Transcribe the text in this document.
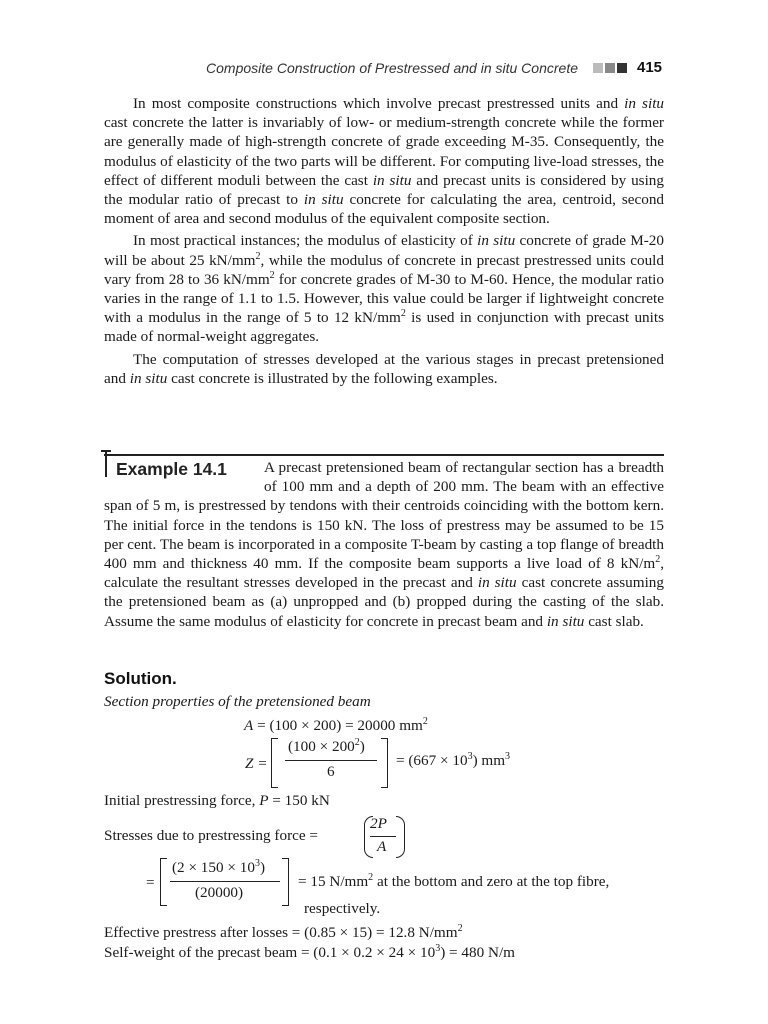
Composite Construction of Prestressed and in situ Concrete	415

In most composite constructions which involve precast prestressed units and in situ cast concrete the latter is invariably of low- or medium-strength concrete while the former are generally made of high-strength concrete of grade exceeding M-35. Consequently, the modulus of elasticity of the two parts will be different. For computing live-load stresses, the effect of different moduli between the cast in situ and precast units is considered by using the modular ratio of precast to in situ concrete for calculating the area, centroid, second moment of area and second modulus of the equivalent composite section.

In most practical instances; the modulus of elasticity of in situ concrete of grade M-20 will be about 25 $kN/mm^2$, while the modulus of concrete in precast prestressed units could vary from 28 to 36 $kN/mm^2$ for concrete grades of M-30 to M-60. Hence, the modular ratio varies in the range of 1.1 to 1.5. However, this value could be larger if lightweight concrete with a modulus in the range of 5 to 12 $kN/mm^2$ is used in conjunction with precast units made of normal-weight aggregates.

The computation of stresses developed at the various stages in precast pretensioned and in situ cast concrete is illustrated by the following examples.

Example 14.1	A precast pretensioned beam of rectangular section has a breadth of 100 mm and a depth of 200 mm. The beam with an effective span of 5 m, is prestressed by tendons with their centroids coinciding with the bottom kern. The initial force in the tendons is 150 kN. The loss of prestress may be assumed to be 15 per cent. The beam is incorporated in a composite T-beam by casting a top flange of breadth 400 mm and thickness 40 mm. If the composite beam supports a live load of 8 $kN/m^2$, calculate the resultant stresses developed in the precast and in situ cast concrete assuming the pretensioned beam as (a) unpropped and (b) propped during the casting of the slab. Assume the same modulus of elasticity for concrete in precast beam and in situ cast slab.
Solution.
Section properties of the pretensioned beam
A = (100 × 200) = 20000 $mm^2$
Z =
$(100 \times 200^2)$
6
= $(667 \times 10^3)$ $mm^3$
Initial prestressing force, P = 150 kN
Stresses due to prestressing force =
2P
A
=
$(2 \times 150 \times 10^3)$
(20000)
= 15 $N/mm^2$ at the bottom and zero at the top fibre,
respectively.
Effective prestress after losses = (0.85 × 15) = 12.8 $N/mm^2$
Self-weight of the precast beam = $(0.1 \times 0.2 \times 24 \times 10^3) = 480$ N/m
